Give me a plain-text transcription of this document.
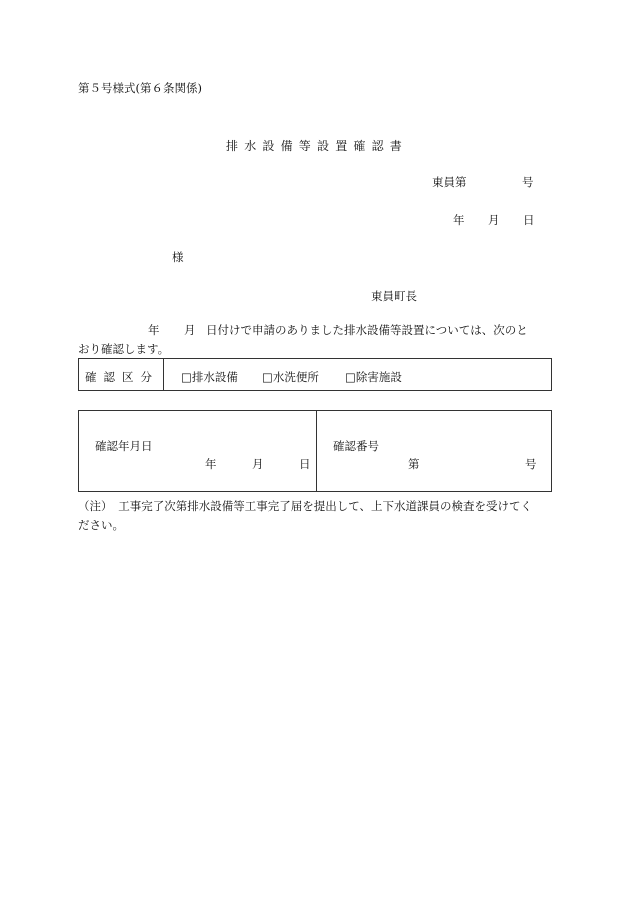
第５号様式(第６条関係)
排水設備等設置確認書
東員第	号
年 月 日
様
東員町長
年 月 日付けで申請のありました排水設備等設置については、次のと
おり確認します。
確認区分 □排水設備 □水洗便所 □除害施設
確認年月日
年	月	日
確認番号
第	号
（注）　工事完了次第排水設備等工事完了届を提出して、上下水道課員の検査を受けてく
ださい。
